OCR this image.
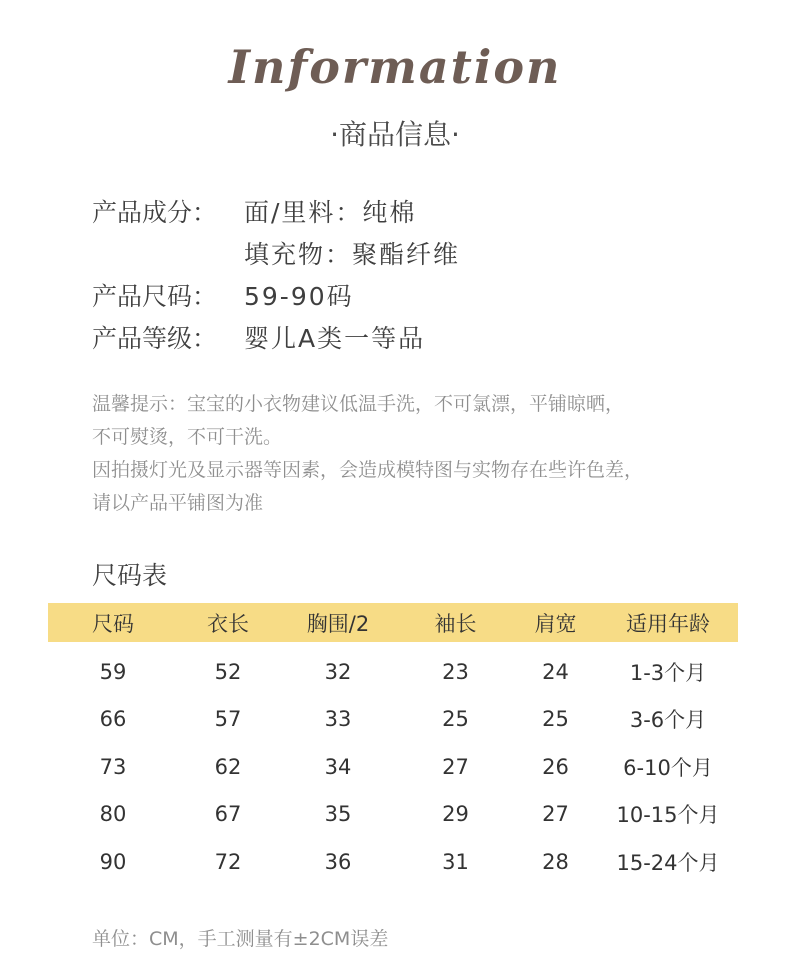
Information
·商品信息·
产品成分：	面/里料：纯棉
填充物：聚酯纤维
产品尺码：	59-90码
产品等级：	婴儿A类一等品
温馨提示：宝宝的小衣物建议低温手洗，不可氯漂，平铺晾晒，
不可熨烫，不可干洗。
因拍摄灯光及显示器等因素，会造成模特图与实物存在些许色差，
请以产品平铺图为准
尺码表
尺码	衣长	胸围/2	袖长	肩宽	适用年龄
59	52	32	23	24	1-3个月
66	57	33	25	25	3-6个月
73	62	34	27	26	6-10个月
80	67	35	29	27	10-15个月
90	72	36	31	28	15-24个月
单位：CM，手工测量有±2CM误差
